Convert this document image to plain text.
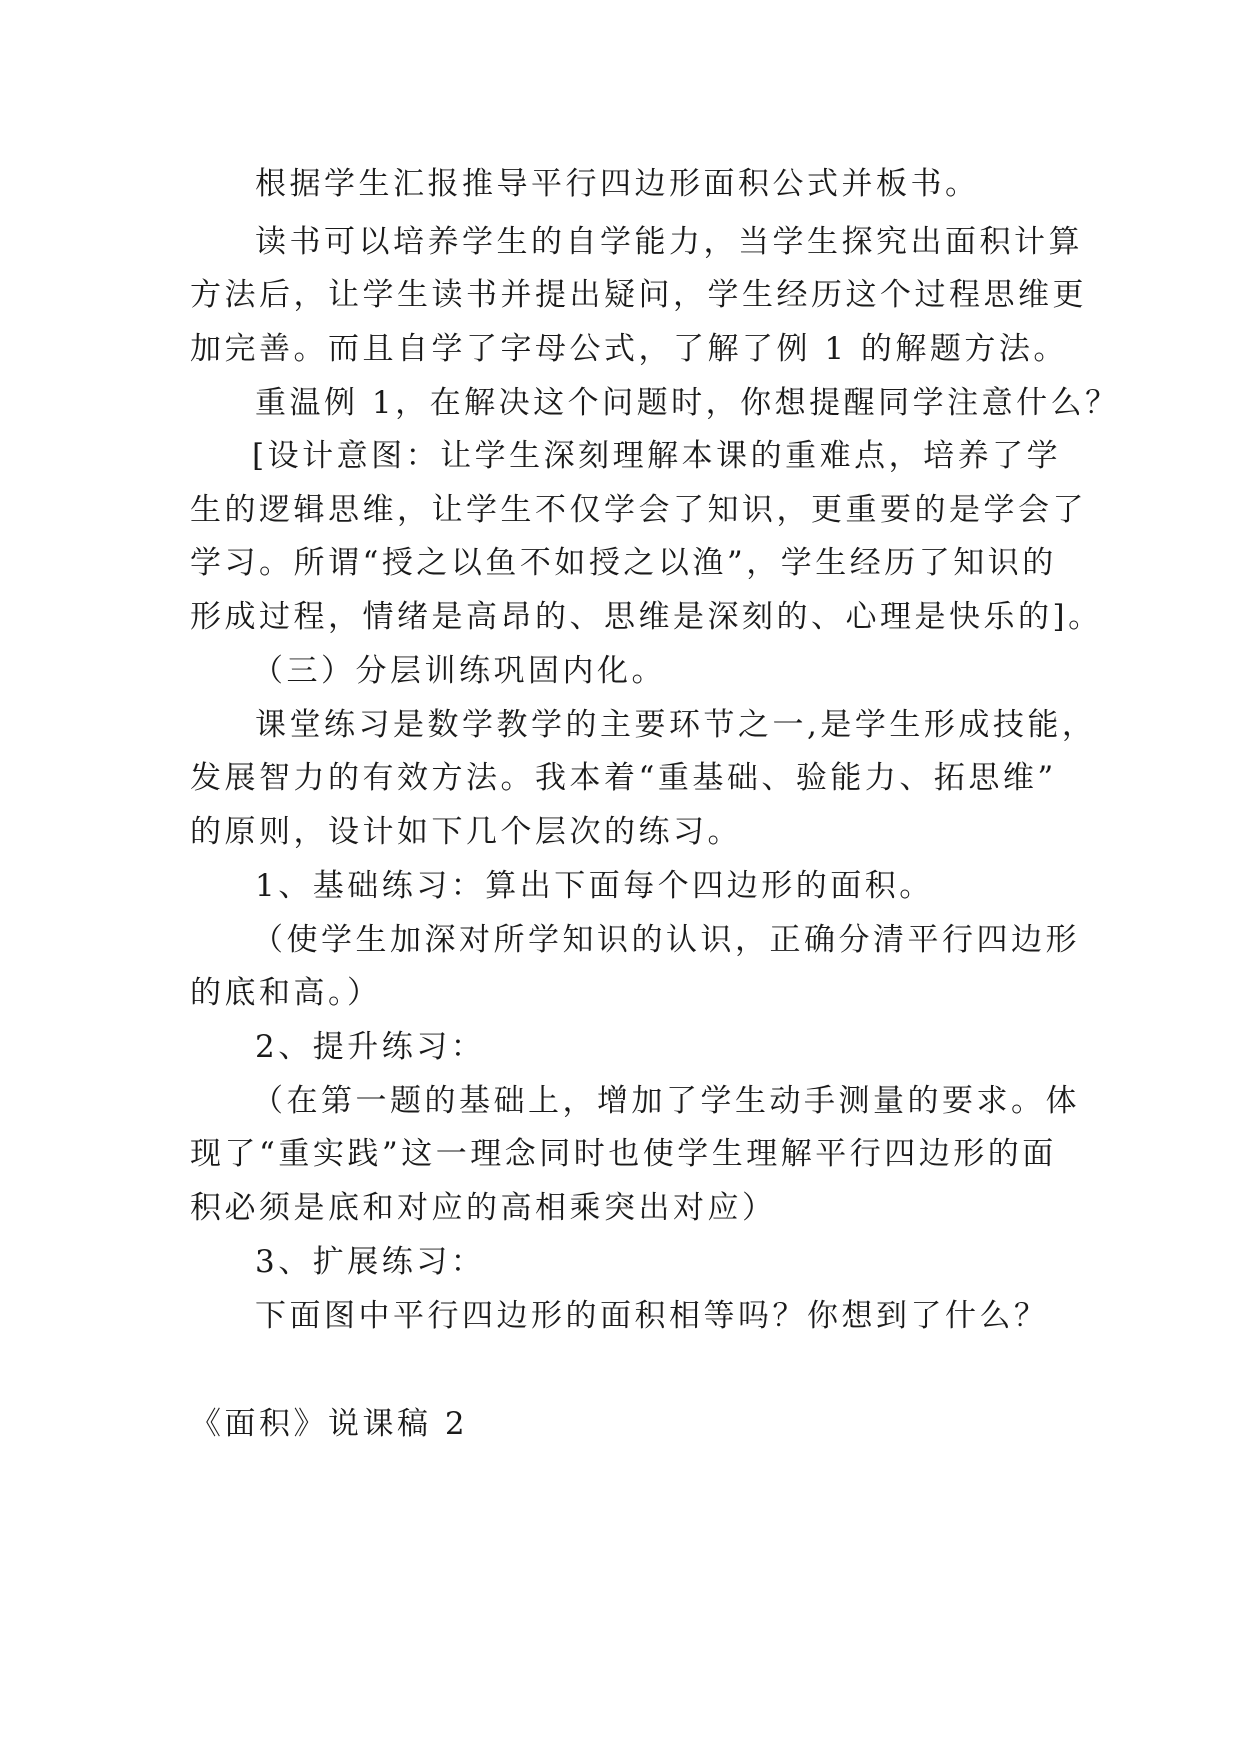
根据学生汇报推导平行四边形面积公式并板书。
读书可以培养学生的自学能力，当学生探究出面积计算
方法后，让学生读书并提出疑问，学生经历这个过程思维更
加完善。而且自学了字母公式，了解了例 1 的解题方法。
重温例 1，在解决这个问题时，你想提醒同学注意什么？
[设计意图：让学生深刻理解本课的重难点，培养了学
生的逻辑思维，让学生不仅学会了知识，更重要的是学会了
学习。所谓“授之以鱼不如授之以渔”，学生经历了知识的
形成过程，情绪是高昂的、思维是深刻的、心理是快乐的]。
（三）分层训练巩固内化。
课堂练习是数学教学的主要环节之一,是学生形成技能，
发展智力的有效方法。我本着“重基础、验能力、拓思维”
的原则，设计如下几个层次的练习。
1、基础练习：算出下面每个四边形的面积。
（使学生加深对所学知识的认识，正确分清平行四边形
的底和高。）
2、提升练习：
（在第一题的基础上，增加了学生动手测量的要求。体
现了“重实践”这一理念同时也使学生理解平行四边形的面
积必须是底和对应的高相乘突出对应）
3、扩展练习：
下面图中平行四边形的面积相等吗？你想到了什么？
《面积》说课稿 2
